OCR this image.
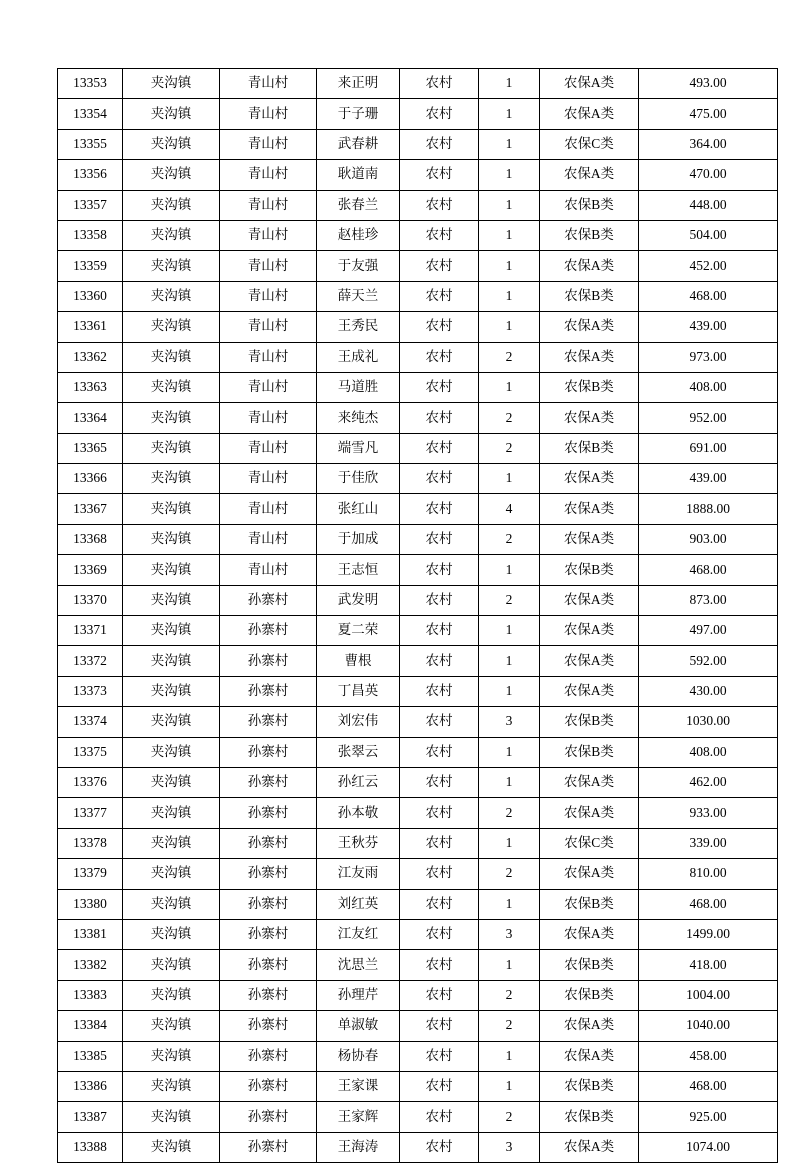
13353	夹沟镇	青山村	来正明	农村	1	农保A类	493.00
13354	夹沟镇	青山村	于子珊	农村	1	农保A类	475.00
13355	夹沟镇	青山村	武春耕	农村	1	农保C类	364.00
13356	夹沟镇	青山村	耿道南	农村	1	农保A类	470.00
13357	夹沟镇	青山村	张春兰	农村	1	农保B类	448.00
13358	夹沟镇	青山村	赵桂珍	农村	1	农保B类	504.00
13359	夹沟镇	青山村	于友强	农村	1	农保A类	452.00
13360	夹沟镇	青山村	薛天兰	农村	1	农保B类	468.00
13361	夹沟镇	青山村	王秀民	农村	1	农保A类	439.00
13362	夹沟镇	青山村	王成礼	农村	2	农保A类	973.00
13363	夹沟镇	青山村	马道胜	农村	1	农保B类	408.00
13364	夹沟镇	青山村	来纯杰	农村	2	农保A类	952.00
13365	夹沟镇	青山村	端雪凡	农村	2	农保B类	691.00
13366	夹沟镇	青山村	于佳欣	农村	1	农保A类	439.00
13367	夹沟镇	青山村	张红山	农村	4	农保A类	1888.00
13368	夹沟镇	青山村	于加成	农村	2	农保A类	903.00
13369	夹沟镇	青山村	王志恒	农村	1	农保B类	468.00
13370	夹沟镇	孙寨村	武发明	农村	2	农保A类	873.00
13371	夹沟镇	孙寨村	夏二荣	农村	1	农保A类	497.00
13372	夹沟镇	孙寨村	曹根	农村	1	农保A类	592.00
13373	夹沟镇	孙寨村	丁昌英	农村	1	农保A类	430.00
13374	夹沟镇	孙寨村	刘宏伟	农村	3	农保B类	1030.00
13375	夹沟镇	孙寨村	张翠云	农村	1	农保B类	408.00
13376	夹沟镇	孙寨村	孙红云	农村	1	农保A类	462.00
13377	夹沟镇	孙寨村	孙本敬	农村	2	农保A类	933.00
13378	夹沟镇	孙寨村	王秋芬	农村	1	农保C类	339.00
13379	夹沟镇	孙寨村	江友雨	农村	2	农保A类	810.00
13380	夹沟镇	孙寨村	刘红英	农村	1	农保B类	468.00
13381	夹沟镇	孙寨村	江友红	农村	3	农保A类	1499.00
13382	夹沟镇	孙寨村	沈思兰	农村	1	农保B类	418.00
13383	夹沟镇	孙寨村	孙理芹	农村	2	农保B类	1004.00
13384	夹沟镇	孙寨村	单淑敏	农村	2	农保A类	1040.00
13385	夹沟镇	孙寨村	杨协春	农村	1	农保A类	458.00
13386	夹沟镇	孙寨村	王家课	农村	1	农保B类	468.00
13387	夹沟镇	孙寨村	王家辉	农村	2	农保B类	925.00
13388	夹沟镇	孙寨村	王海涛	农村	3	农保A类	1074.00
